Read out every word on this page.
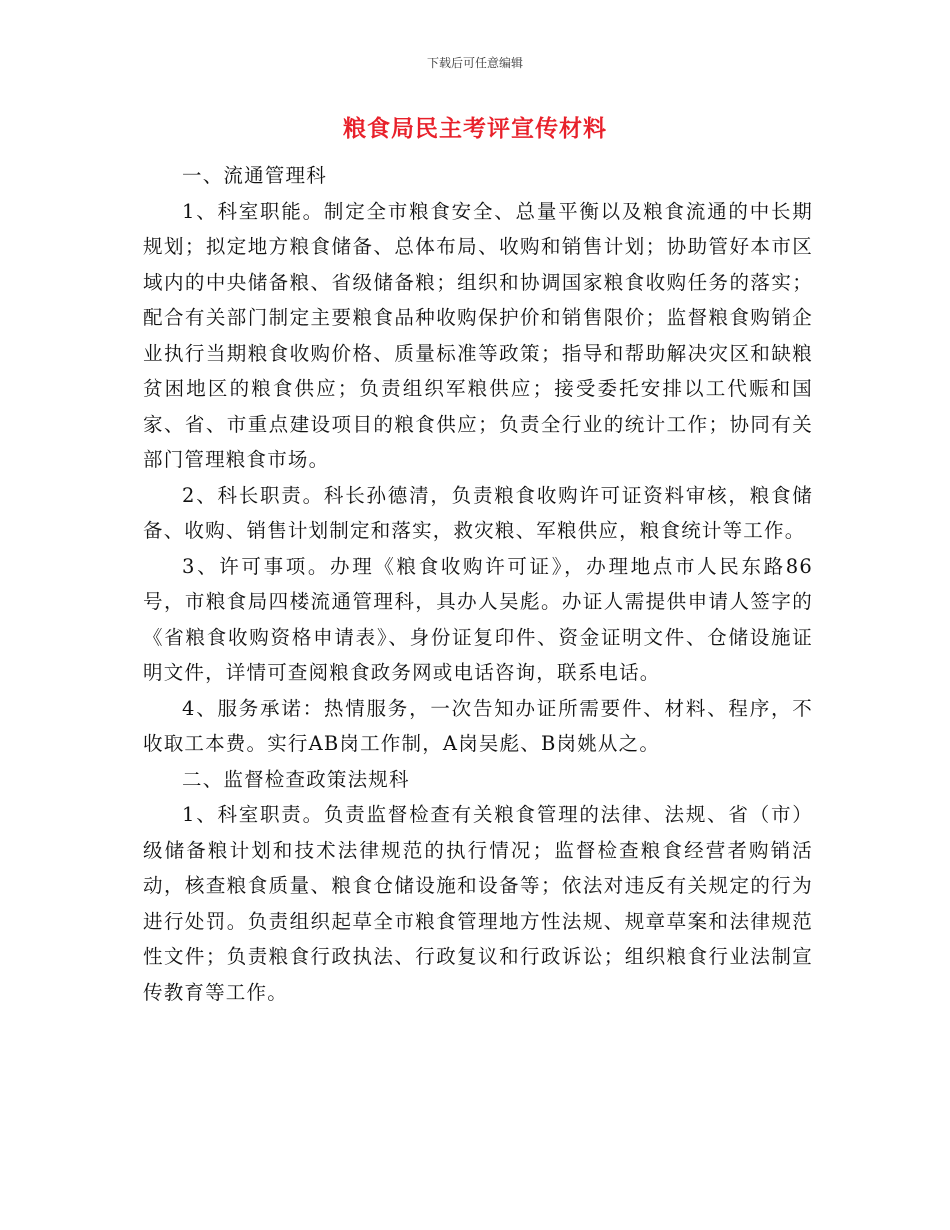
下载后可任意编辑
粮食局民主考评宣传材料

一、流通管理科

1、科室职能。制定全市粮食安全、总量平衡以及粮食流通的中长期规划；拟定地方粮食储备、总体布局、收购和销售计划；协助管好本市区域内的中央储备粮、省级储备粮；组织和协调国家粮食收购任务的落实；配合有关部门制定主要粮食品种收购保护价和销售限价；监督粮食购销企业执行当期粮食收购价格、质量标准等政策；指导和帮助解决灾区和缺粮贫困地区的粮食供应；负责组织军粮供应；接受委托安排以工代赈和国家、省、市重点建设项目的粮食供应；负责全行业的统计工作；协同有关部门管理粮食市场。

2、科长职责。科长孙德清，负责粮食收购许可证资料审核，粮食储备、收购、销售计划制定和落实，救灾粮、军粮供应，粮食统计等工作。

3、许可事项。办理《粮食收购许可证》，办理地点市人民东路86号，市粮食局四楼流通管理科，具办人吴彪。办证人需提供申请人签字的《省粮食收购资格申请表》、身份证复印件、资金证明文件、仓储设施证明文件，详情可查阅粮食政务网或电话咨询，联系电话。

4、服务承诺：热情服务，一次告知办证所需要件、材料、程序，不收取工本费。实行AB岗工作制，A岗吴彪、B岗姚从之。

二、监督检查政策法规科

1、科室职责。负责监督检查有关粮食管理的法律、法规、省（市）级储备粮计划和技术法律规范的执行情况；监督检查粮食经营者购销活动，核查粮食质量、粮食仓储设施和设备等；依法对违反有关规定的行为进行处罚。负责组织起草全市粮食管理地方性法规、规章草案和法律规范性文件；负责粮食行政执法、行政复议和行政诉讼；组织粮食行业法制宣传教育等工作。
